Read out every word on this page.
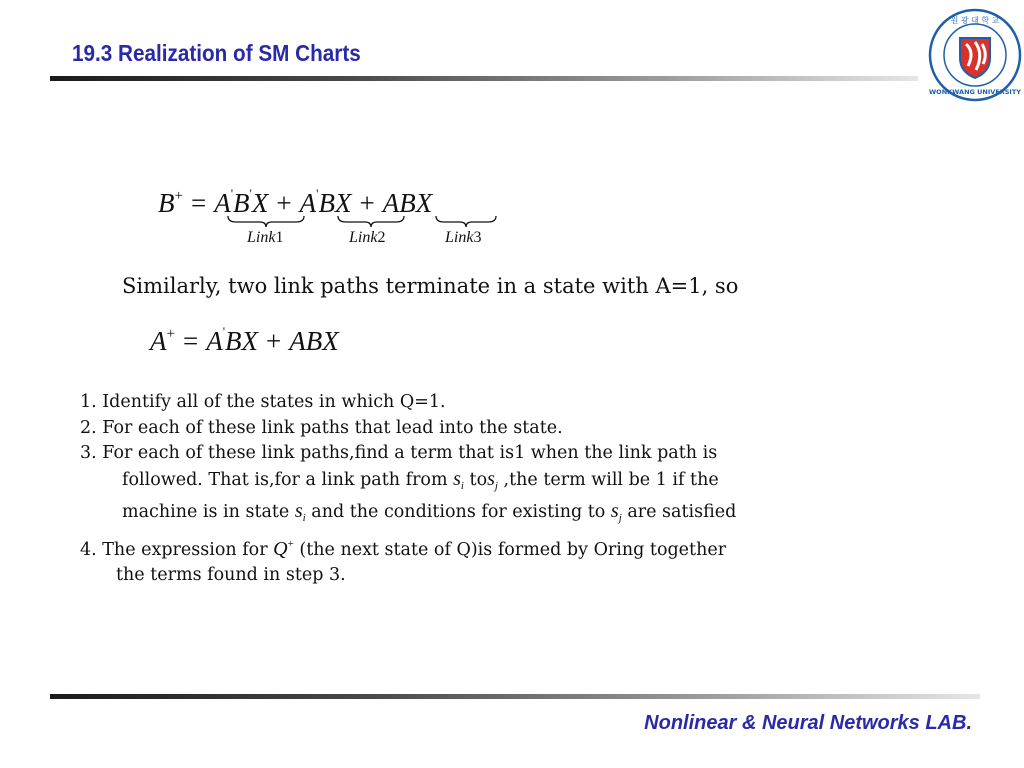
19.3 Realization of SM Charts
원 광 대 학 교
WONKWANG UNIVERSITY
B+ = A'B'X + A'BX + ABX
Link1	Link2	Link3
Similarly, two link paths terminate in a state with A=1, so
A+ = A'BX + ABX
1. Identify all of the states in which Q=1.
2. For each of these link paths that lead into the state.
3. For each of these link paths,find a term that is1 when the link path is
followed. That is,for a link path from $s_i$ tos$_j$ ,the term will be 1 if the
machine is in state $s_i$ and the conditions for existing to $s_j$ are satisfied
4. The expression for Q+ (the next state of Q)is formed by Oring together
the terms found in step 3.
Nonlinear & Neural Networks LAB.
